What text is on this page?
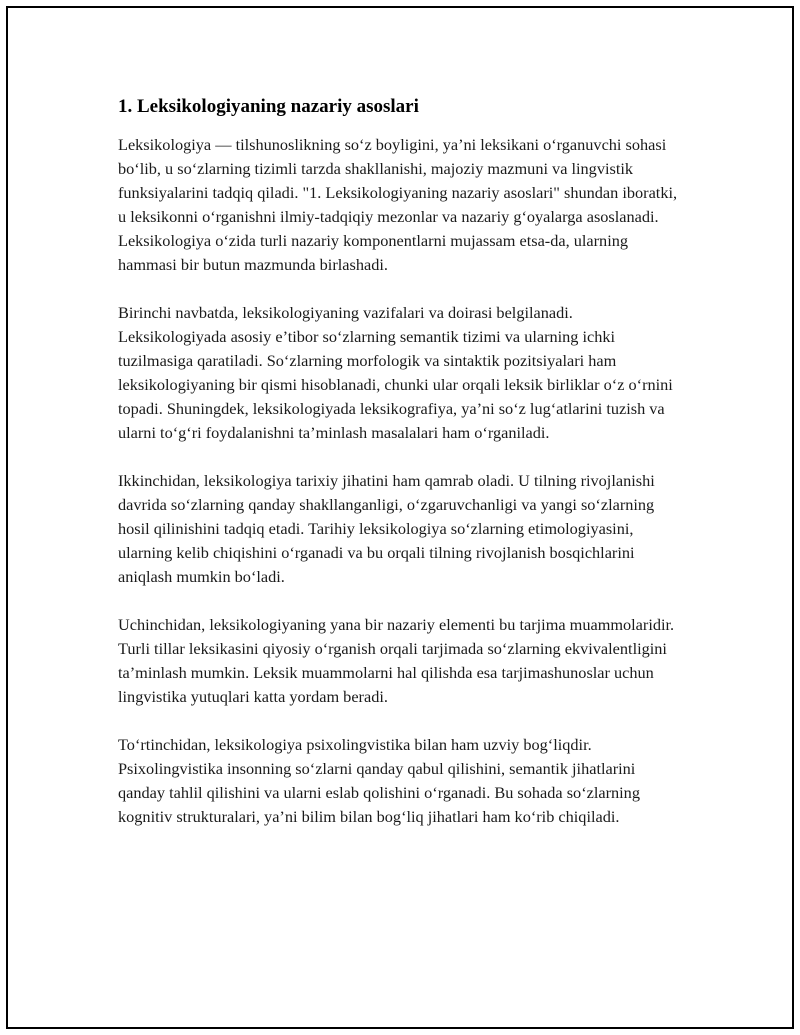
1. Leksikologiyaning nazariy asoslari

Leksikologiya — tilshunoslikning so‘z boyligini, ya’ni leksikani o‘rganuvchi sohasi bo‘lib, u so‘zlarning tizimli tarzda shakllanishi, majoziy mazmuni va lingvistik funksiyalarini tadqiq qiladi. "1. Leksikologiyaning nazariy asoslari" shundan iboratki, u leksikonni o‘rganishni ilmiy-tadqiqiy mezonlar va nazariy g‘oyalarga asoslanadi. Leksikologiya o‘zida turli nazariy komponentlarni mujassam etsa-da, ularning hammasi bir butun mazmunda birlashadi.

Birinchi navbatda, leksikologiyaning vazifalari va doirasi belgilanadi. Leksikologiyada asosiy e’tibor so‘zlarning semantik tizimi va ularning ichki tuzilmasiga qaratiladi. So‘zlarning morfologik va sintaktik pozitsiyalari ham leksikologiyaning bir qismi hisoblanadi, chunki ular orqali leksik birliklar o‘z o‘rnini topadi. Shuningdek, leksikologiyada leksikografiya, ya’ni so‘z lug‘atlarini tuzish va ularni to‘g‘ri foydalanishni ta’minlash masalalari ham o‘rganiladi.

Ikkinchidan, leksikologiya tarixiy jihatini ham qamrab oladi. U tilning rivojlanishi davrida so‘zlarning qanday shakllanganligi, o‘zgaruvchanligi va yangi so‘zlarning hosil qilinishini tadqiq etadi. Tarihiy leksikologiya so‘zlarning etimologiyasini, ularning kelib chiqishini o‘rganadi va bu orqali tilning rivojlanish bosqichlarini aniqlash mumkin bo‘ladi.

Uchinchidan, leksikologiyaning yana bir nazariy elementi bu tarjima muammolaridir. Turli tillar leksikasini qiyosiy o‘rganish orqali tarjimada so‘zlarning ekvivalentligini ta’minlash mumkin. Leksik muammolarni hal qilishda esa tarjimashunoslar uchun lingvistika yutuqlari katta yordam beradi.

To‘rtinchidan, leksikologiya psixolingvistika bilan ham uzviy bog‘liqdir. Psixolingvistika insonning so‘zlarni qanday qabul qilishini, semantik jihatlarini qanday tahlil qilishini va ularni eslab qolishini o‘rganadi. Bu sohada so‘zlarning kognitiv strukturalari, ya’ni bilim bilan bog‘liq jihatlari ham ko‘rib chiqiladi.
